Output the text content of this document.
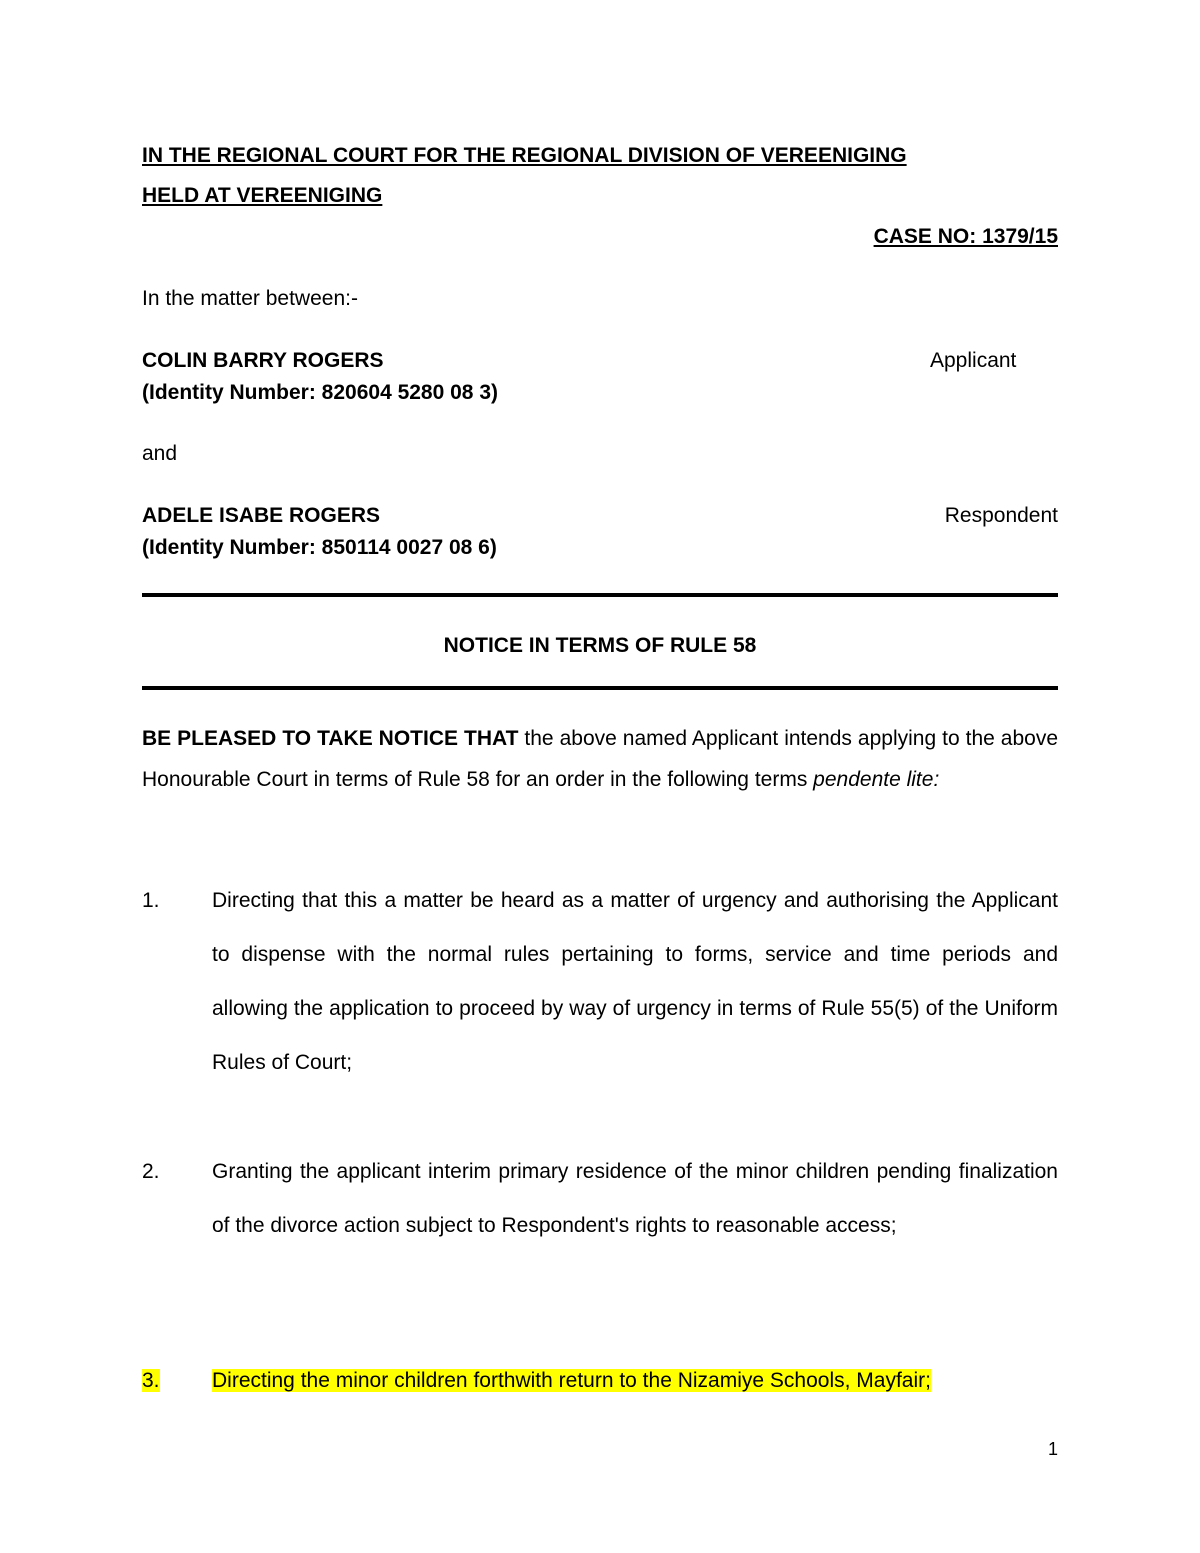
IN THE REGIONAL COURT FOR THE REGIONAL DIVISION OF VEREENIGING
HELD AT VEREENIGING
CASE NO: 1379/15
In the matter between:-
COLIN BARRY ROGERS	Applicant
(Identity Number: 820604 5280 08 3)
and
ADELE ISABE ROGERS	Respondent
(Identity Number: 850114 0027 08 6)
NOTICE IN TERMS OF RULE 58
BE PLEASED TO TAKE NOTICE THAT the above named Applicant intends applying to the above Honourable Court in terms of Rule 58 for an order in the following terms pendente lite:
1. Directing that this a matter be heard as a matter of urgency and authorising the Applicant to dispense with the normal rules pertaining to forms, service and time periods and allowing the application to proceed by way of urgency in terms of Rule 55(5) of the Uniform Rules of Court;
2. Granting the applicant interim primary residence of the minor children pending finalization of the divorce action subject to Respondent's rights to reasonable access;
3. Directing the minor children forthwith return to the Nizamiye Schools, Mayfair;
1
